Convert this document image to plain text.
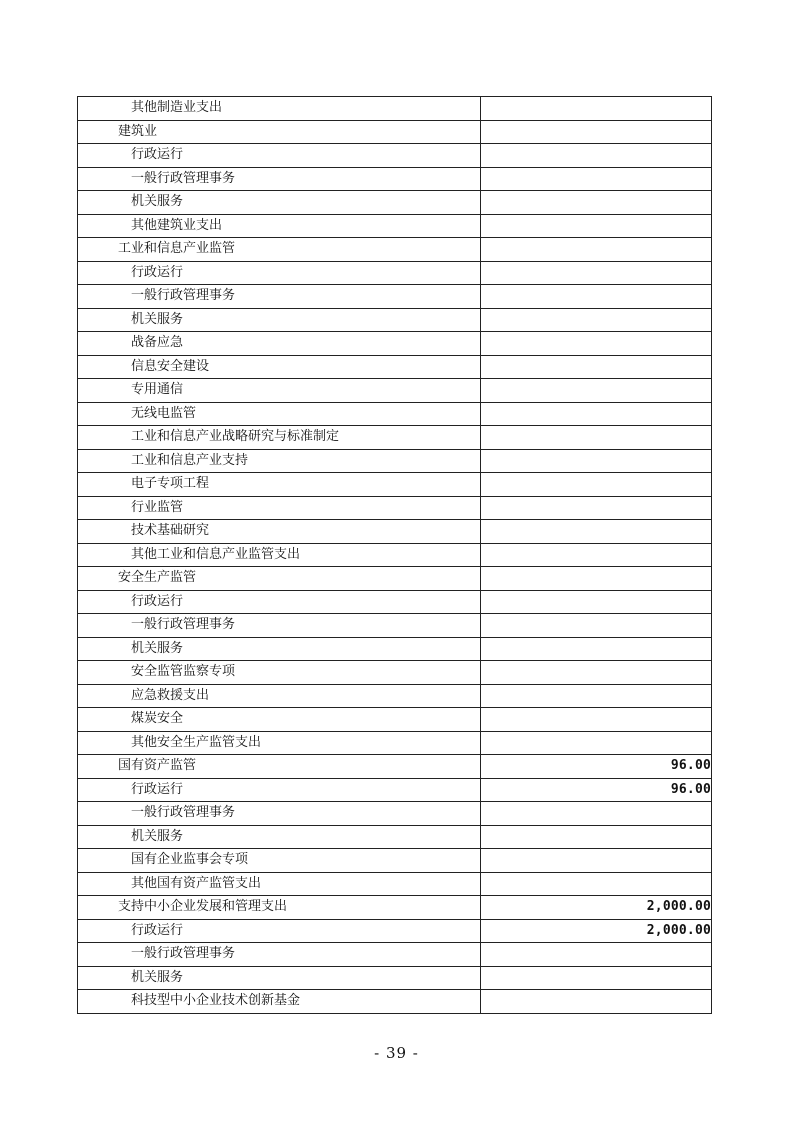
其他制造业支出	
建筑业	
行政运行	
一般行政管理事务	
机关服务	
其他建筑业支出	
工业和信息产业监管	
行政运行	
一般行政管理事务	
机关服务	
战备应急	
信息安全建设	
专用通信	
无线电监管	
工业和信息产业战略研究与标准制定	
工业和信息产业支持	
电子专项工程	
行业监管	
技术基础研究	
其他工业和信息产业监管支出	
安全生产监管	
行政运行	
一般行政管理事务	
机关服务	
安全监管监察专项	
应急救援支出	
煤炭安全	
其他安全生产监管支出	
国有资产监管	96.00
行政运行	96.00
一般行政管理事务	
机关服务	
国有企业监事会专项	
其他国有资产监管支出	
支持中小企业发展和管理支出	2,000.00
行政运行	2,000.00
一般行政管理事务	
机关服务	
科技型中小企业技术创新基金	
- 39 -
